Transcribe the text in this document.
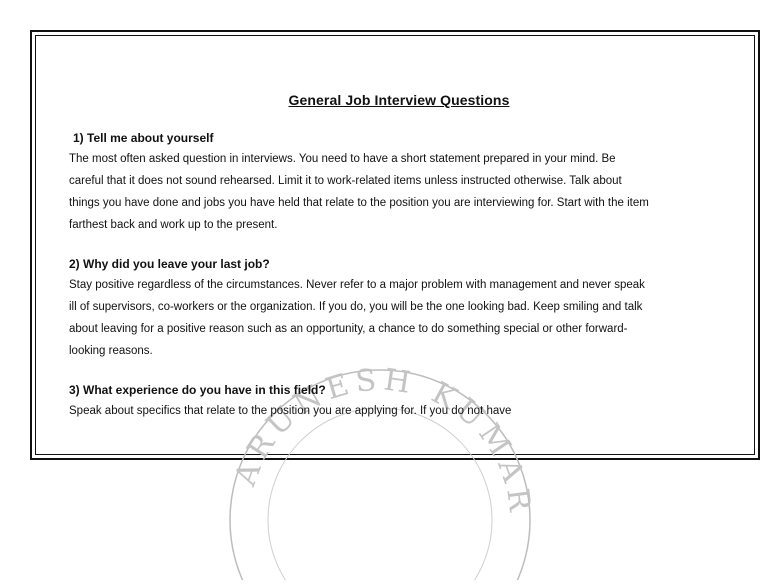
ARUNESH KUMAR

General Job Interview Questions

1) Tell me about yourself

The most often asked question in interviews. You need to have a short statement prepared in your mind. Be

careful that it does not sound rehearsed. Limit it to work-related items unless instructed otherwise. Talk about

things you have done and jobs you have held that relate to the position you are interviewing for. Start with the item

farthest back and work up to the present.

2) Why did you leave your last job?

Stay positive regardless of the circumstances. Never refer to a major problem with management and never speak

ill of supervisors, co-workers or the organization. If you do, you will be the one looking bad. Keep smiling and talk

about leaving for a positive reason such as an opportunity, a chance to do something special or other forward-

looking reasons.

3) What experience do you have in this field?

Speak about specifics that relate to the position you are applying for. If you do not have
